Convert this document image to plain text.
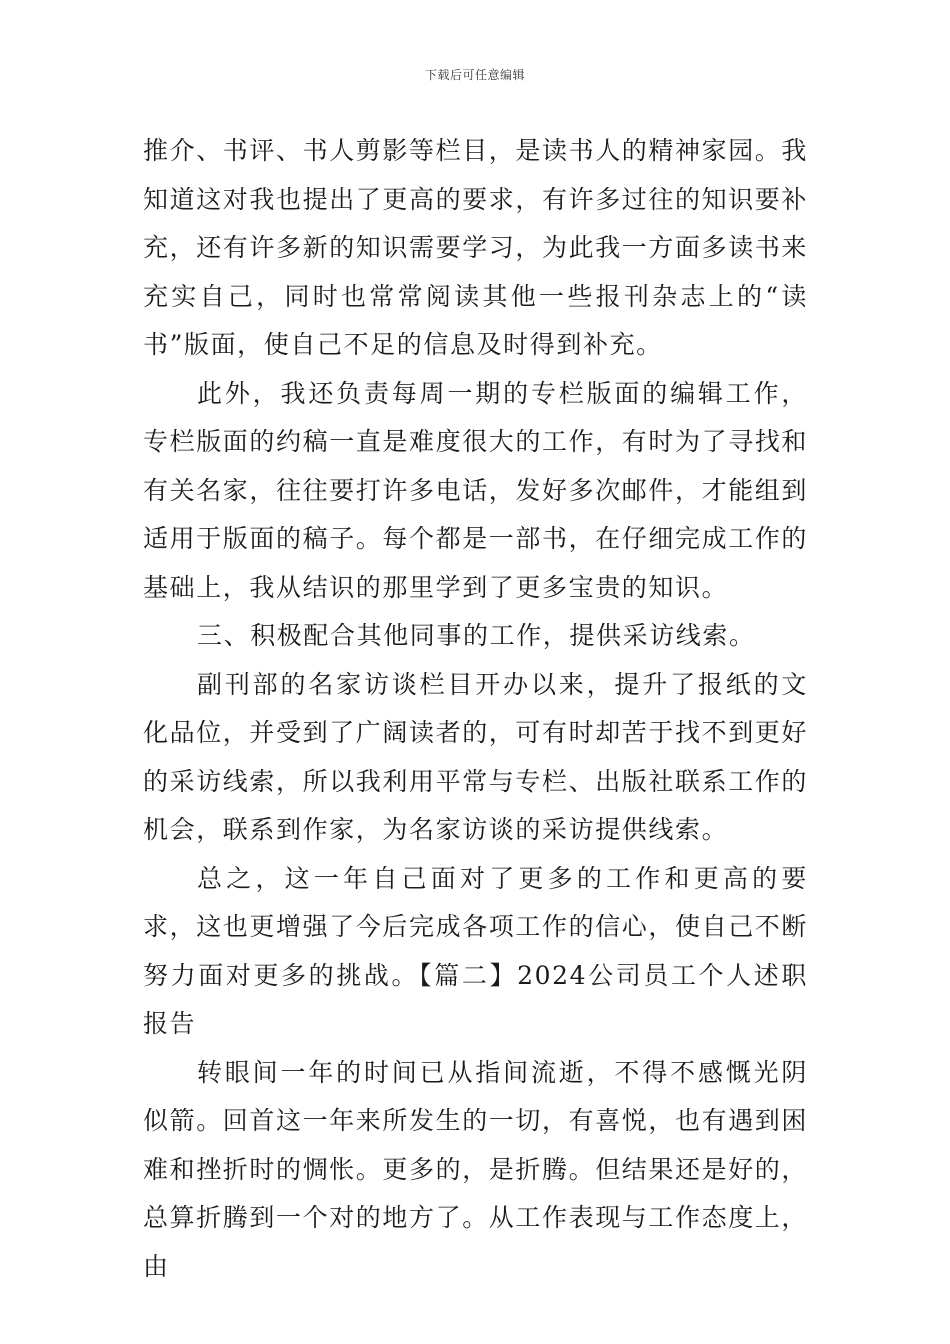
下载后可任意编辑

推介、书评、书人剪影等栏目，是读书人的精神家园。我知道这对我也提出了更高的要求，有许多过往的知识要补充，还有许多新的知识需要学习，为此我一方面多读书来充实自己，同时也常常阅读其他一些报刊杂志上的“读书”版面，使自己不足的信息及时得到补充。

此外，我还负责每周一期的专栏版面的编辑工作，专栏版面的约稿一直是难度很大的工作，有时为了寻找和有关名家，往往要打许多电话，发好多次邮件，才能组到适用于版面的稿子。每个都是一部书，在仔细完成工作的基础上，我从结识的那里学到了更多宝贵的知识。

三、积极配合其他同事的工作，提供采访线索。

副刊部的名家访谈栏目开办以来，提升了报纸的文化品位，并受到了广阔读者的，可有时却苦于找不到更好的采访线索，所以我利用平常与专栏、出版社联系工作的机会，联系到作家，为名家访谈的采访提供线索。

总之，这一年自己面对了更多的工作和更高的要求，这也更增强了今后完成各项工作的信心，使自己不断努力面对更多的挑战。【篇二】2024公司员工个人述职报告

转眼间一年的时间已从指间流逝，不得不感慨光阴似箭。回首这一年来所发生的一切，有喜悦，也有遇到困难和挫折时的惆怅。更多的，是折腾。但结果还是好的，总算折腾到一个对的地方了。从工作表现与工作态度上，由
